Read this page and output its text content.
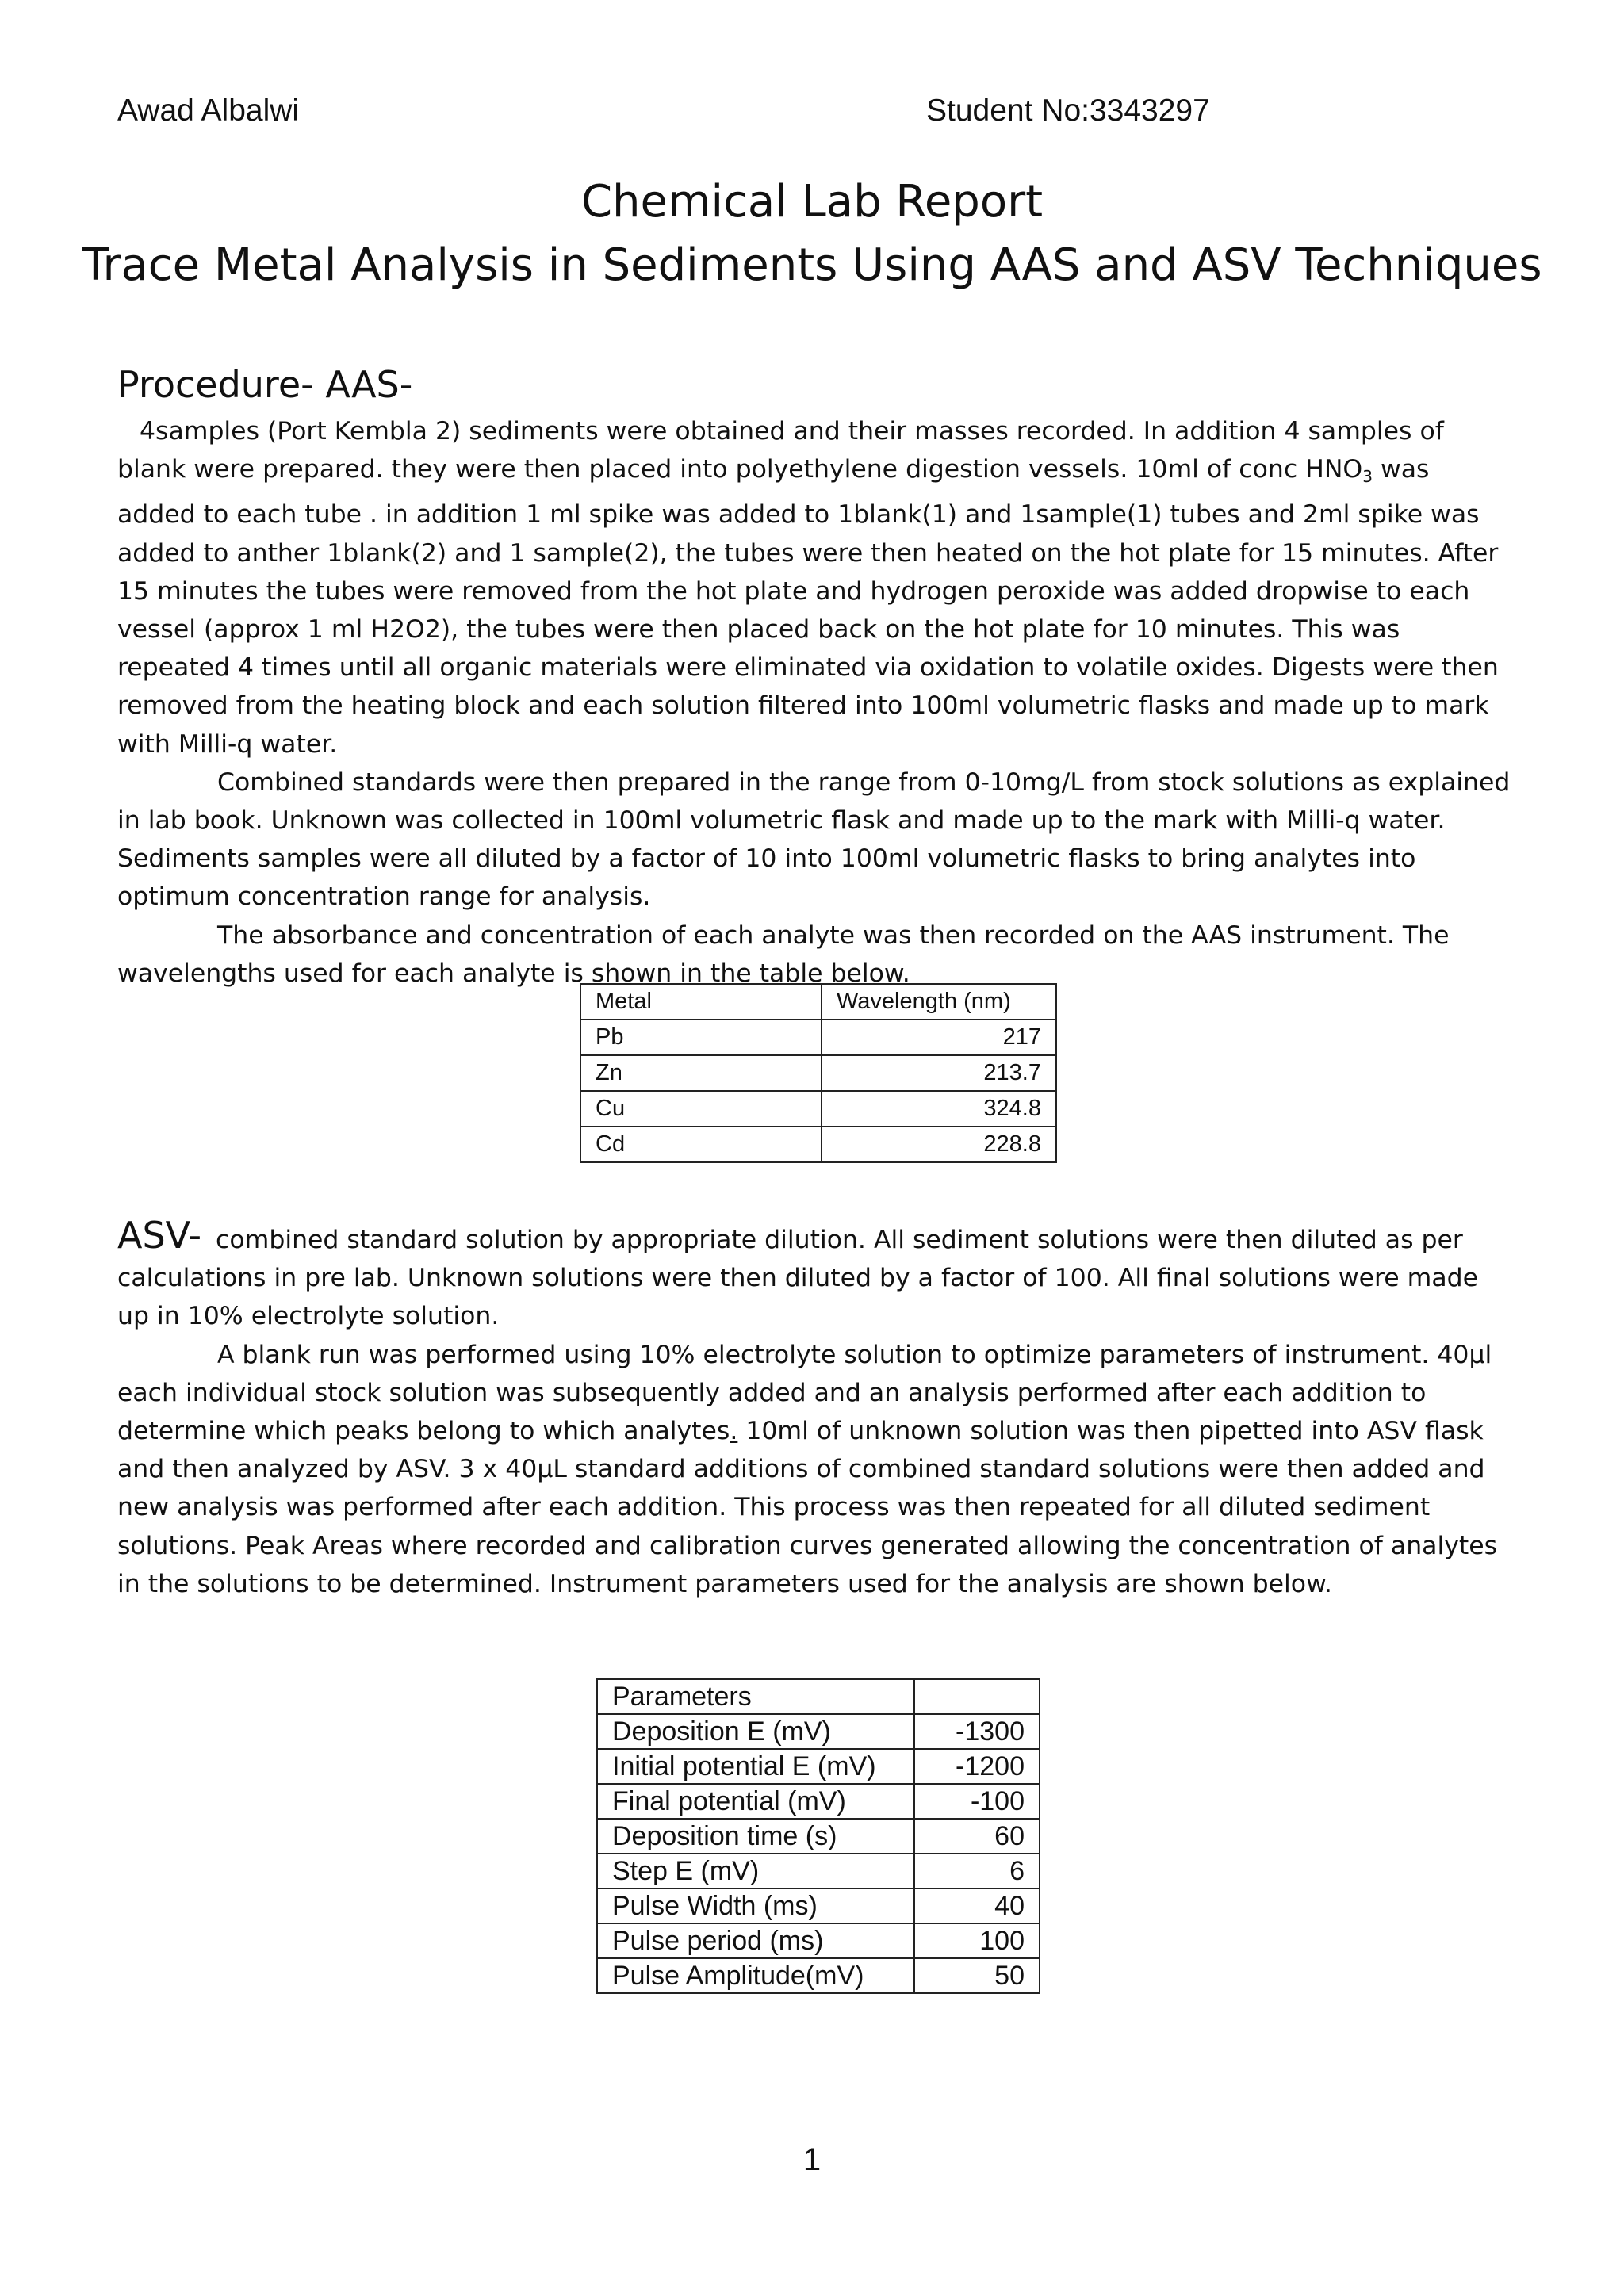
Awad Albalwi	Student No:3343297
Chemical Lab Report
Trace Metal Analysis in Sediments Using AAS and ASV Techniques
Procedure- AAS-

4samples (Port Kembla 2) sediments were obtained and their masses recorded. In addition 4 samples of blank were prepared. they were then placed into polyethylene digestion vessels. 10ml of conc $HNO_3$ was added to each tube . in addition 1 ml spike was added to 1blank(1) and 1sample(1) tubes and 2ml spike was added to anther 1blank(2) and 1 sample(2), the tubes were then heated on the hot plate for 15 minutes. After 15 minutes the tubes were removed from the hot plate and hydrogen peroxide was added dropwise to each vessel (approx 1 ml H2O2), the tubes were then placed back on the hot plate for 10 minutes. This was repeated 4 times until all organic materials were eliminated via oxidation to volatile oxides. Digests were then removed from the heating block and each solution filtered into 100ml volumetric flasks and made up to mark with Milli-q water.

Combined standards were then prepared in the range from 0-10mg/L from stock solutions as explained in lab book. Unknown was collected in 100ml volumetric flask and made up to the mark with Milli-q water. Sediments samples were all diluted by a factor of 10 into 100ml volumetric flasks to bring analytes into optimum concentration range for analysis.

The absorbance and concentration of each analyte was then recorded on the AAS instrument. The wavelengths used for each analyte is shown in the table below.

Metal	Wavelength (nm)
Pb	217
Zn	213.7
Cu	324.8
Cd	228.8

ASV- combined standard solution by appropriate dilution. All sediment solutions were then diluted as per calculations in pre lab. Unknown solutions were then diluted by a factor of 100. All final solutions were made up in 10% electrolyte solution.

A blank run was performed using 10% electrolyte solution to optimize parameters of instrument. 40µl each individual stock solution was subsequently added and an analysis performed after each addition to determine which peaks belong to which analytes. 10ml of unknown solution was then pipetted into ASV flask and then analyzed by ASV. 3 x 40µL standard additions of combined standard solutions were then added and new analysis was performed after each addition. This process was then repeated for all diluted sediment solutions. Peak Areas where recorded and calibration curves generated allowing the concentration of analytes in the solutions to be determined. Instrument parameters used for the analysis are shown below.

Parameters	
Deposition E (mV)	-1300
Initial potential E (mV)	-1200
Final potential (mV)	-100
Deposition time (s)	60
Step E (mV)	6
Pulse Width (ms)	40
Pulse period (ms)	100
Pulse Amplitude(mV)	50
1
